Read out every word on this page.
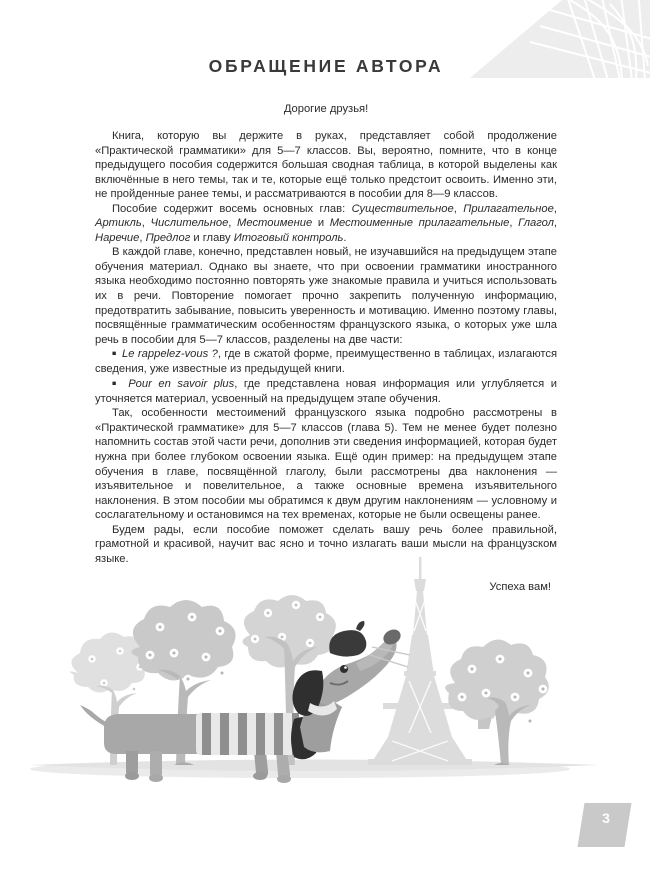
ОБРАЩЕНИЕ АВТОРА

Дорогие друзья!

Книга, которую вы держите в руках, представляет собой продолжение «Практической грамматики» для 5—7 классов. Вы, вероятно, помните, что в конце предыдущего пособия содержится большая сводная таблица, в которой выделены как включённые в него темы, так и те, которые ещё только предстоит освоить. Именно эти, не пройденные ранее темы, и рассматриваются в пособии для 8—9 классов.

Пособие содержит восемь основных глав: Существительное, Прилагательное, Артикль, Числительное, Местоимение и Местоименные прилагательные, Глагол, Наречие, Предлог и главу Итоговый контроль.

В каждой главе, конечно, представлен новый, не изучавшийся на предыдущем этапе обучения материал. Однако вы знаете, что при освоении грамматики иностранного языка необходимо постоянно повторять уже знакомые правила и учиться использовать их в речи. Повторение помогает прочно закрепить полученную информацию, предотвратить забывание, повысить уверенность и мотивацию. Именно поэтому главы, посвящённые грамматическим особенностям французского языка, о которых уже шла речь в пособии для 5—7 классов, разделены на две части:

■ Le rappelez-vous ?, где в сжатой форме, преимущественно в таблицах, излагаются сведения, уже известные из предыдущей книги.

■ Pour en savoir plus, где представлена новая информация или углубляется и уточняется материал, усвоенный на предыдущем этапе обучения.

Так, особенности местоимений французского языка подробно рассмотрены в «Практической грамматике» для 5—7 классов (глава 5). Тем не менее будет полезно напомнить состав этой части речи, дополнив эти сведения информацией, которая будет нужна при более глубоком освоении языка. Ещё один пример: на предыдущем этапе обучения в главе, посвящённой глаголу, были рассмотрены два наклонения — изъявительное и повелительное, а также основные времена изъявительного наклонения. В этом пособии мы обратимся к двум другим наклонениям — условному и сослагательному и остановимся на тех временах, которые не были освещены ранее.

Будем рады, если пособие поможет сделать вашу речь более правильной, грамотной и красивой, научит вас ясно и точно излагать ваши мысли на французском языке.

Успеха вам!

3
